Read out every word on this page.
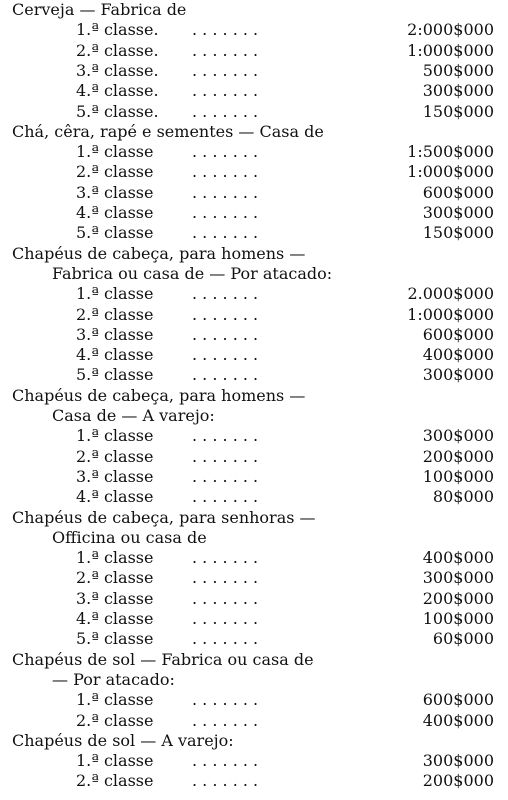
Cerveja — Fabrica de
1.ª classe. . . . . . . .	2:000$000
2.ª classe. . . . . . . .	1:000$000
3.ª classe. . . . . . . .	500$000
4.ª classe. . . . . . . .	300$000
5.ª classe. . . . . . . .	150$000
Chá, cêra, rapé e sementes — Casa de
1.ª classe . . . . . . .	1:500$000
2.ª classe . . . . . . .	1:000$000
3.ª classe . . . . . . .	600$000
4.ª classe . . . . . . .	300$000
5.ª classe . . . . . . .	150$000
Chapéus de cabeça, para homens —
Fabrica ou casa de — Por atacado:
1.ª classe . . . . . . .	2.000$000
2.ª classe . . . . . . .	1:000$000
3.ª classe . . . . . . .	600$000
4.ª classe . . . . . . .	400$000
5.ª classe . . . . . . .	300$000
Chapéus de cabeça, para homens —
Casa de — A varejo:
1.ª classe . . . . . . .	300$000
2.ª classe . . . . . . .	200$000
3.ª classe . . . . . . .	100$000
4.ª classe . . . . . . .	80$000
Chapéus de cabeça, para senhoras —
Officina ou casa de
1.ª classe . . . . . . .	400$000
2.ª classe . . . . . . .	300$000
3.ª classe . . . . . . .	200$000
4.ª classe . . . . . . .	100$000
5.ª classe . . . . . . .	60$000
Chapéus de sol — Fabrica ou casa de
— Por atacado:
1.ª classe . . . . . . .	600$000
2.ª classe . . . . . . .	400$000
Chapéus de sol — A varejo:
1.ª classe . . . . . . .	300$000
2.ª classe . . . . . . .	200$000
